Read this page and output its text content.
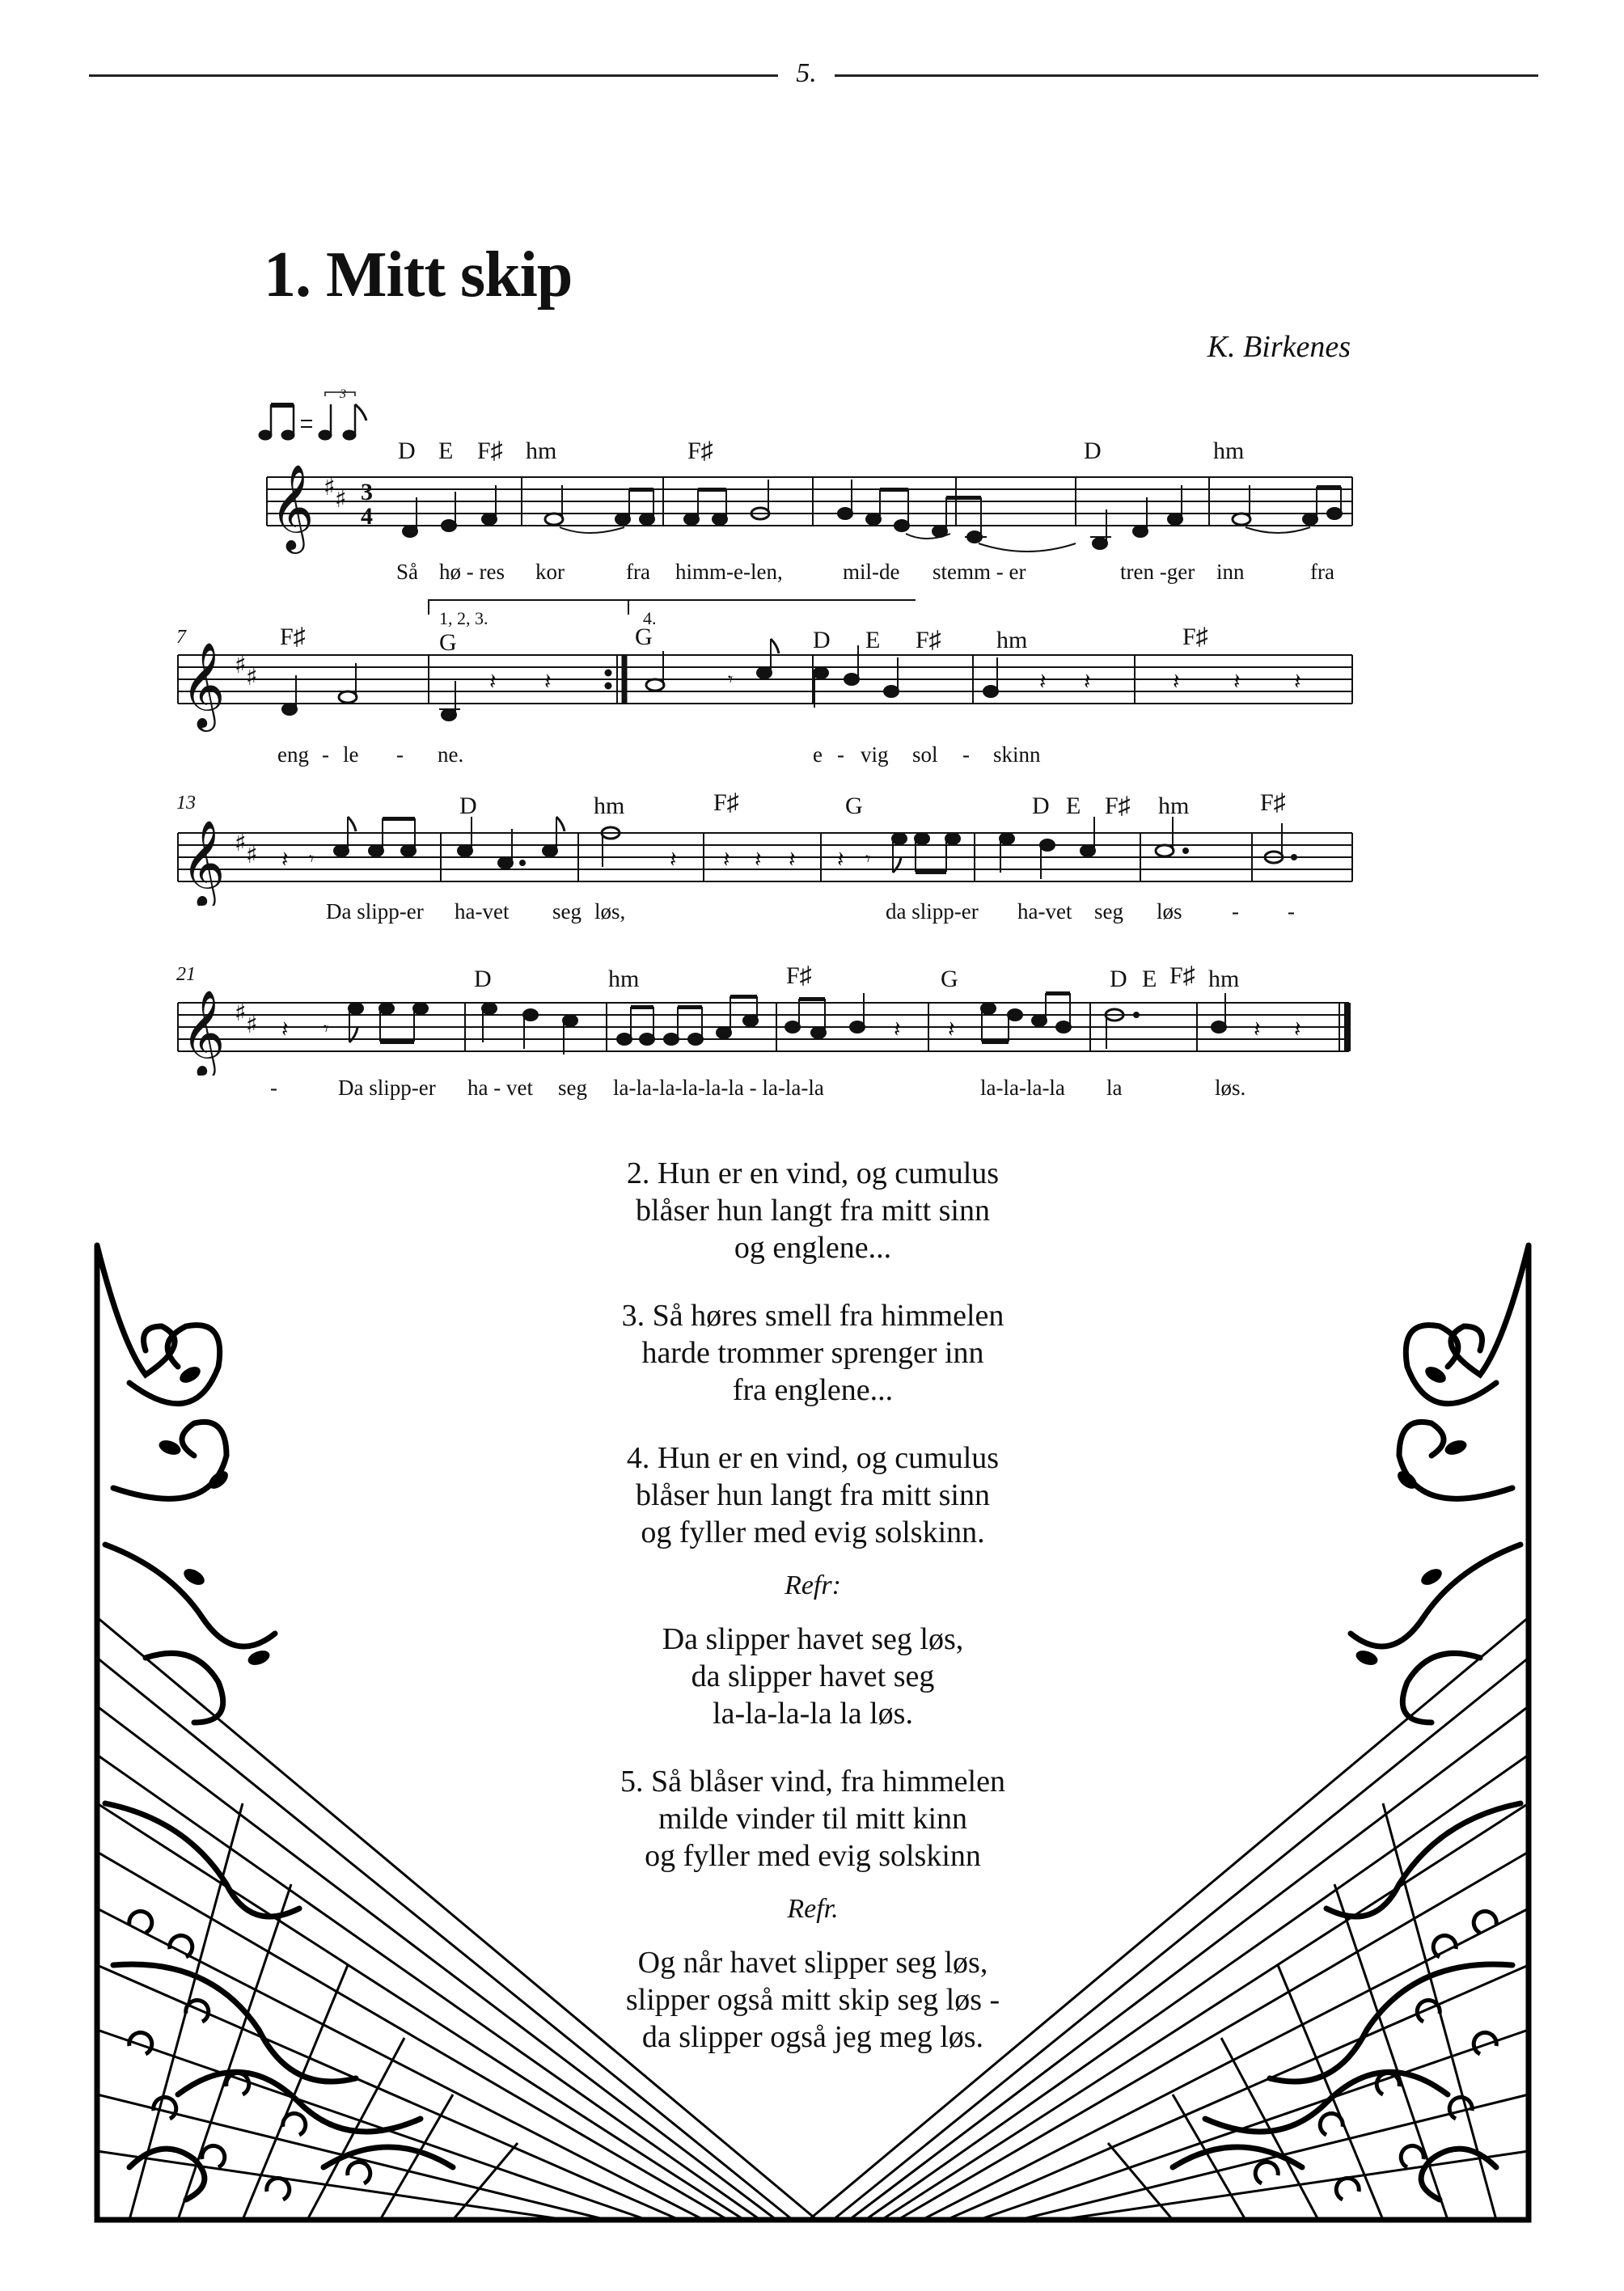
5.
1. Mitt skip
K. Birkenes
3
D E F♯ hm	F♯	D	hm
𝄞 ♯ ♯ 3
4
Så hø - res kor	fra himm-e-len,	mil-de stemm - er	tren -ger inn	fra
7
1, 2, 3.	4.
F♯	G	G	D E F♯ hm	F♯
𝄞 ♯ ♯	𝄽 𝄽	𝄾	𝄽 𝄽	𝄽 𝄽 𝄽
eng - le - ne.	e - vig sol - skinn
13	D	hm	F♯	G	D E F♯ hm	F♯
𝄞 ♯ ♯ 𝄽 𝄾	𝄽 𝄽 𝄽 𝄽 𝄽 𝄾
Da slipp-er ha-vet seg løs,	da slipp-er ha-vet seg løs - -
21	D	hm	F♯	G	D E F♯ hm
𝄞 ♯ ♯ 𝄽 𝄾	𝄽 𝄽	𝄽 𝄽
-	Da slipp-er ha - vet seg la-la-la-la-la-la - la-la-la	la-la-la-la la	løs.
2. Hun er en vind, og cumulus
blåser hun langt fra mitt sinn
og englene...
3. Så høres smell fra himmelen
harde trommer sprenger inn
fra englene...
4. Hun er en vind, og cumulus
blåser hun langt fra mitt sinn
og fyller med evig solskinn.
Refr:
Da slipper havet seg løs,
da slipper havet seg
la-la-la-la la løs.
5. Så blåser vind, fra himmelen
milde vinder til mitt kinn
og fyller med evig solskinn
Refr.
Og når havet slipper seg løs,
slipper også mitt skip seg løs -
da slipper også jeg meg løs.
